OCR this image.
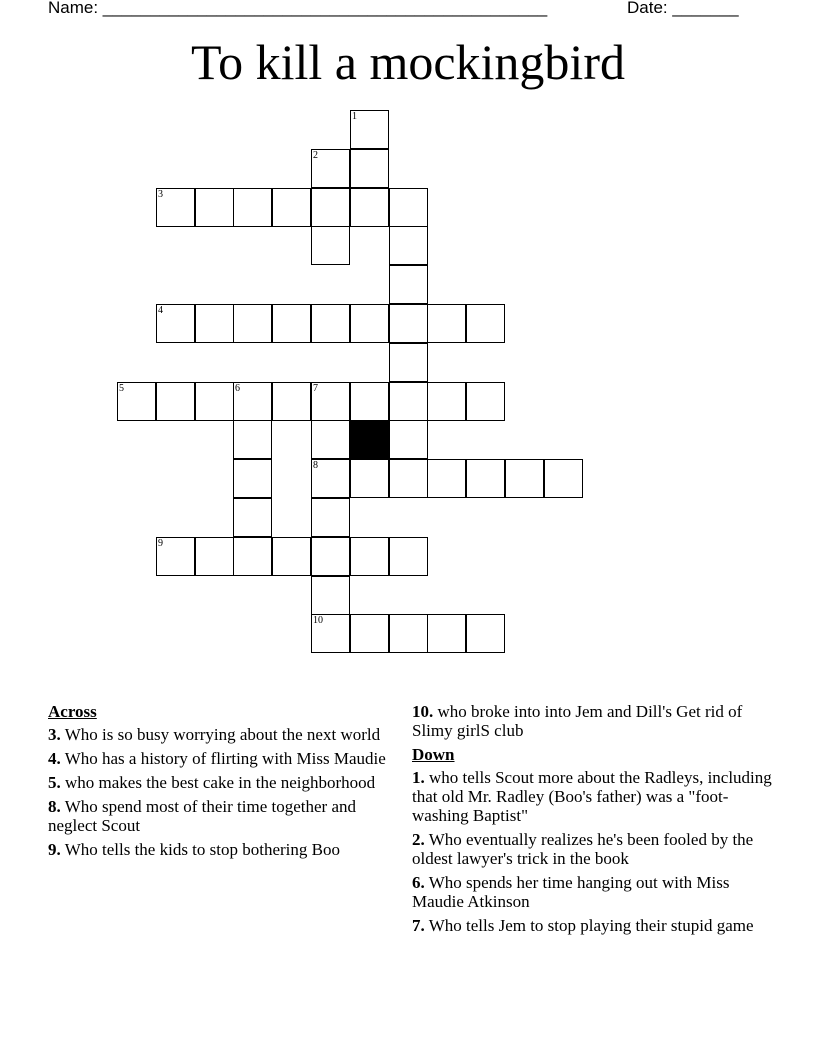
Name: _______________________________________________	Date: _______
To kill a mockingbird
1
2
3
4
5	6	7
8
9
10
Across
3. Who is so busy worrying about the next world
4. Who has a history of flirting with Miss Maudie
5. who makes the best cake in the neighborhood
8. Who spend most of their time together and neglect Scout
9. Who tells the kids to stop bothering Boo
10. who broke into into Jem and Dill's Get rid of Slimy girlS club
Down
1. who tells Scout more about the Radleys, including that old Mr. Radley (Boo's father) was a "foot-washing Baptist"
2. Who eventually realizes he's been fooled by the oldest lawyer's trick in the book
6. Who spends her time hanging out with Miss Maudie Atkinson
7. Who tells Jem to stop playing their stupid game
